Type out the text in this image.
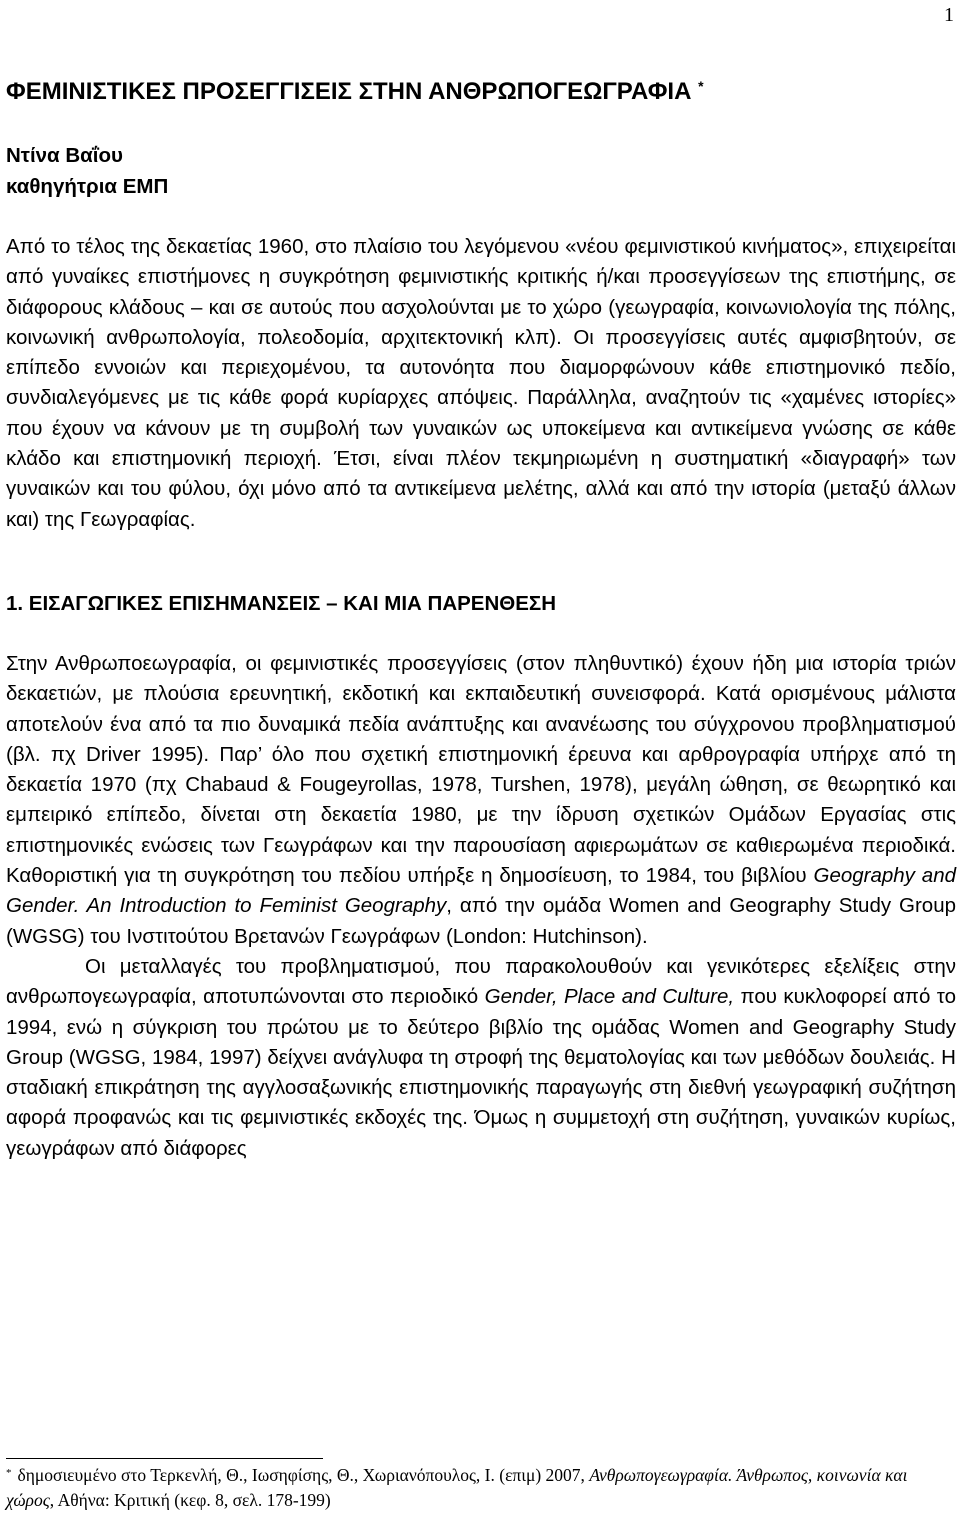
1
ΦΕΜΙΝΙΣΤΙΚΕΣ ΠΡΟΣΕΓΓΙΣΕΙΣ ΣΤΗΝ ΑΝΘΡΩΠΟΓΕΩΓΡΑΦΙΑ *
Ντίνα Βαΐου
καθηγήτρια ΕΜΠ

Από το τέλος της δεκαετίας 1960, στο πλαίσιο του λεγόμενου «νέου φεμινιστικού κινήματος», επιχειρείται από γυναίκες επιστήμονες η συγκρότηση φεμινιστικής κριτικής ή/και προσεγγίσεων της επιστήμης, σε διάφορους κλάδους – και σε αυτούς που ασχολούνται με το χώρο (γεωγραφία, κοινωνιολογία της πόλης, κοινωνική ανθρωπολογία, πολεοδομία, αρχιτεκτονική κλπ). Οι προσεγγίσεις αυτές αμφισβητούν, σε επίπεδο εννοιών και περιεχομένου, τα αυτονόητα που διαμορφώνουν κάθε επιστημονικό πεδίο, συνδιαλεγόμενες με τις κάθε φορά κυρίαρχες απόψεις. Παράλληλα, αναζητούν τις «χαμένες ιστορίες» που έχουν να κάνουν με τη συμβολή των γυναικών ως υποκείμενα και αντικείμενα γνώσης σε κάθε κλάδο και επιστημονική περιοχή. Έτσι, είναι πλέον τεκμηριωμένη η συστηματική «διαγραφή» των γυναικών και του φύλου, όχι μόνο από τα αντικείμενα μελέτης, αλλά και από την ιστορία (μεταξύ άλλων και) της Γεωγραφίας.

1. ΕΙΣΑΓΩΓΙΚΕΣ ΕΠΙΣΗΜΑΝΣΕΙΣ – ΚΑΙ ΜΙΑ ΠΑΡΕΝΘΕΣΗ

Στην Ανθρωποεωγραφία, οι φεμινιστικές προσεγγίσεις (στον πληθυντικό) έχουν ήδη μια ιστορία τριών δεκαετιών, με πλούσια ερευνητική, εκδοτική και εκπαιδευτική συνεισφορά. Κατά ορισμένους μάλιστα αποτελούν ένα από τα πιο δυναμικά πεδία ανάπτυξης και ανανέωσης του σύγχρονου προβληματισμού (βλ. πχ Driver 1995). Παρ’ όλο που σχετική επιστημονική έρευνα και αρθρογραφία υπήρχε από τη δεκαετία 1970 (πχ Chabaud & Fougeyrollas, 1978, Turshen, 1978), μεγάλη ώθηση, σε θεωρητικό και εμπειρικό επίπεδο, δίνεται στη δεκαετία 1980, με την ίδρυση σχετικών Ομάδων Εργασίας στις επιστημονικές ενώσεις των Γεωγράφων και την παρουσίαση αφιερωμάτων σε καθιερωμένα περιοδικά. Καθοριστική για τη συγκρότηση του πεδίου υπήρξε η δημοσίευση, το 1984, του βιβλίου Geography and Gender. An Introduction to Feminist Geography, από την ομάδα Women and Geography Study Group (WGSG) του Ινστιτούτου Βρετανών Γεωγράφων (London: Hutchinson).

Οι μεταλλαγές του προβληματισμού, που παρακολουθούν και γενικότερες εξελίξεις στην ανθρωπογεωγραφία, αποτυπώνονται στο περιοδικό Gender, Place and Culture, που κυκλοφορεί από το 1994, ενώ η σύγκριση του πρώτου με το δεύτερο βιβλίο της ομάδας Women and Geography Study Group (WGSG, 1984, 1997) δείχνει ανάγλυφα τη στροφή της θεματολογίας και των μεθόδων δουλειάς. Η σταδιακή επικράτηση της αγγλοσαξωνικής επιστημονικής παραγωγής στη διεθνή γεωγραφική συζήτηση αφορά προφανώς και τις φεμινιστικές εκδοχές της. Όμως η συμμετοχή στη συζήτηση, γυναικών κυρίως, γεωγράφων από διάφορες

* δημοσιευμένο στο Τερκενλή, Θ., Ιωσηφίσης, Θ., Χωριανόπουλος, Ι. (επιμ) 2007, Ανθρωπογεωγραφία. Άνθρωπος, κοινωνία και χώρος, Αθήνα: Κριτική (κεφ. 8, σελ. 178-199)
